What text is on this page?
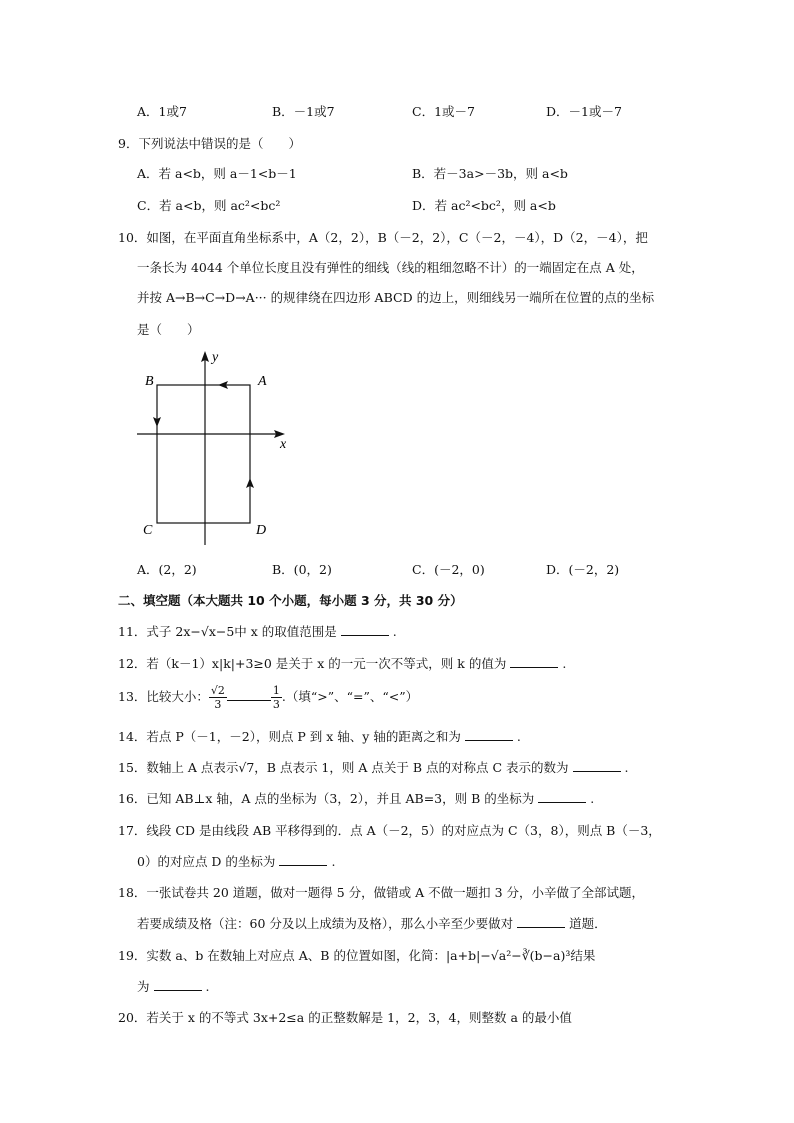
A．1或7	B．－1或7	C．1或－7	D．－1或－7
9．下列说法中错误的是（　　）
A．若 a<b，则 a－1<b－1	B．若－3a>－3b，则 a<b
C．若 a<b，则 ac²<bc²	D．若 ac²<bc²，则 a<b
10．如图，在平面直角坐标系中，A（2，2），B（－2，2），C（－2，－4），D（2，－4），把
一条长为 4044 个单位长度且没有弹性的细线（线的粗细忽略不计）的一端固定在点 A 处，
并按 A→B→C→D→A··· 的规律绕在四边形 ABCD 的边上，则细线另一端所在位置的点的坐标
是（　　）
A
B
C	D
x
y
A．(2，2)	B．(0，2)	C．(－2，0)	D．(－2，2)
二、填空题（本大题共 10 个小题，每小题 3 分，共 30 分）
11．式子 2x−√x−5中 x 的取值范围是	.
12．若（k－1）x|k|+3≥0 是关于 x 的一元一次不等式，则 k 的值为	.
13．比较大小： $\frac{√2}{3}$	$\frac{1}{3}$ .（填“>”、“=”、“<”）
14．若点 P（－1，－2），则点 P 到 x 轴、y 轴的距离之和为	.
15．数轴上 A 点表示√7，B 点表示 1，则 A 点关于 B 点的对称点 C 表示的数为	.
16．已知 AB⊥x 轴，A 点的坐标为（3，2），并且 AB=3，则 B 的坐标为	.
17．线段 CD 是由线段 AB 平移得到的．点 A（－2，5）的对应点为 C（3，8），则点 B（－3，
0）的对应点 D 的坐标为	.
18．一张试卷共 20 道题，做对一题得 5 分，做错或 A 不做一题扣 3 分，小辛做了全部试题，
若要成绩及格（注：60 分及以上成绩为及格），那么小辛至少要做对	道题．
19．实数 a、b 在数轴上对应点 A、B 的位置如图，化简：|a+b|−√a²−∛(b−a)³结果
为	.
20．若关于 x 的不等式 3x+2≤a 的正整数解是 1，2，3，4，则整数 a 的最小值
